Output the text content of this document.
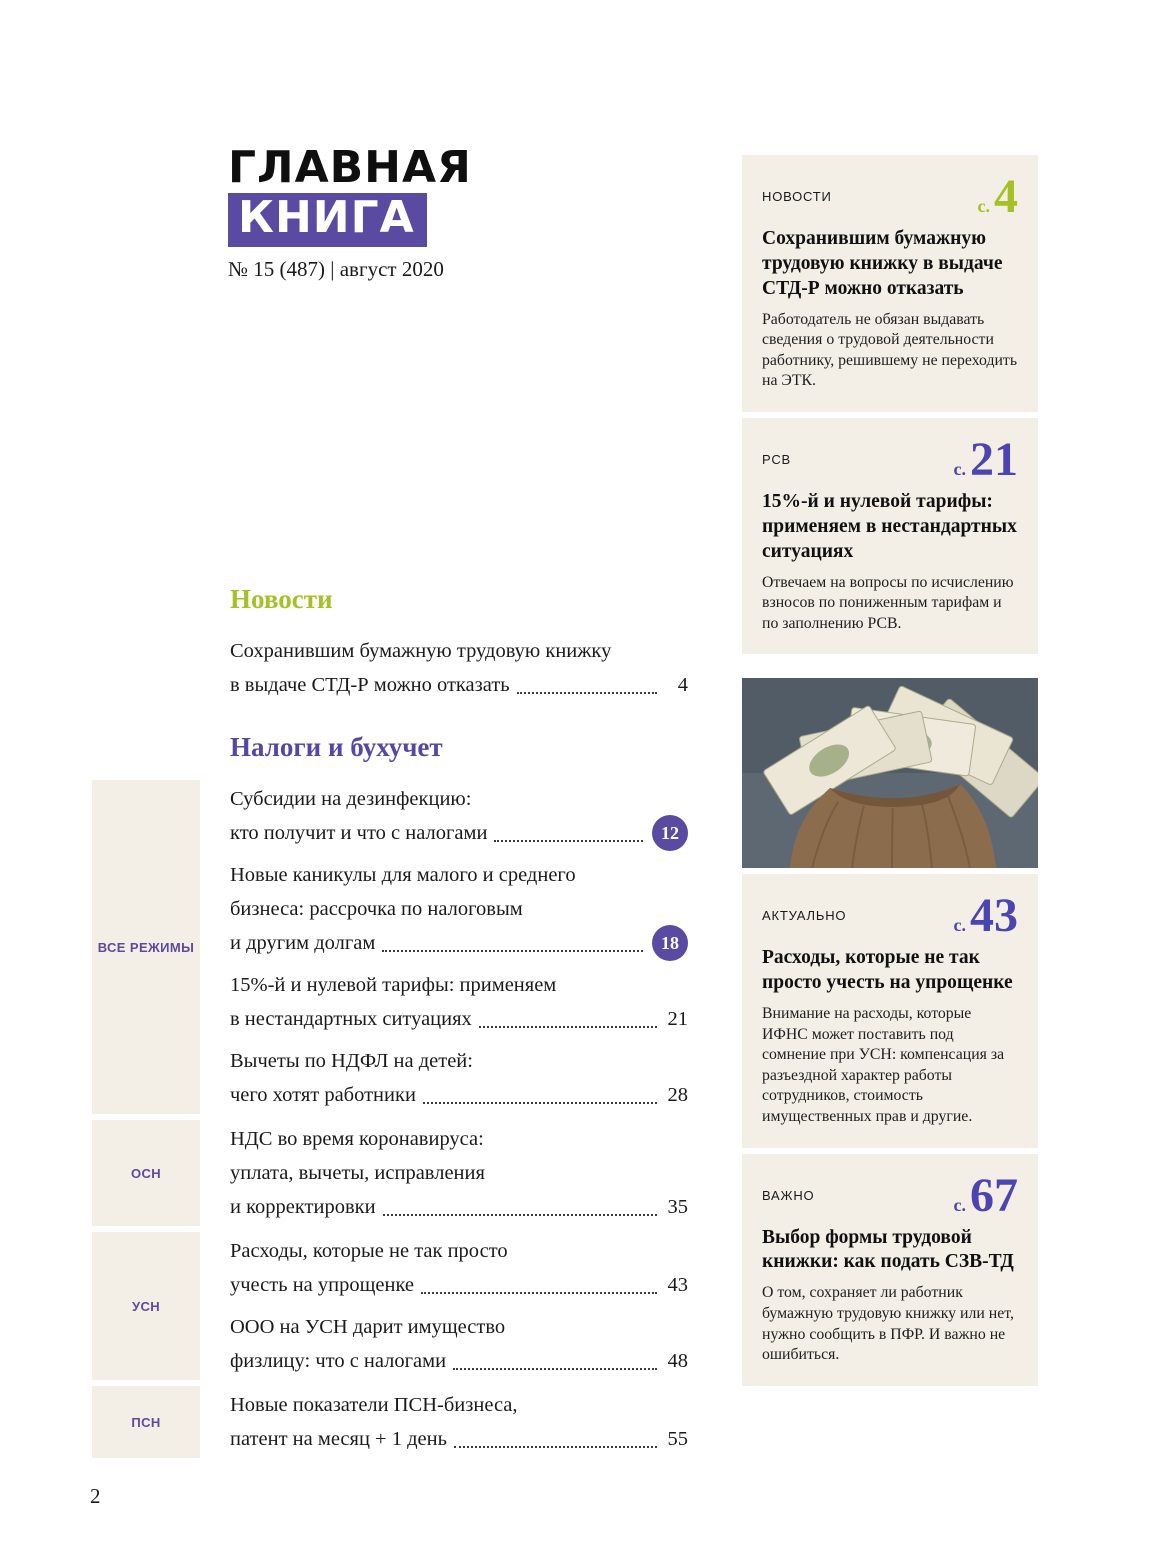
ГЛАВНАЯ
КНИГА
№ 15 (487) | август 2020
Новости
Сохранившим бумажную трудовую книжку
в выдаче СТД-Р можно отказать	4
Налоги и бухучет
ВСЕ РЕЖИМЫ
Субсидии на дезинфекцию:
кто получит и что с налогами	12
Новые каникулы для малого и среднего
бизнеса: рассрочка по налоговым
и другим долгам	18
15%-й и нулевой тарифы: применяем
в нестандартных ситуациях	21
Вычеты по НДФЛ на детей:
чего хотят работники	28
ОСН
НДС во время коронавируса:
уплата, вычеты, исправления
и корректировки	35
УСН
Расходы, которые не так просто
учесть на упрощенке	43
ООО на УСН дарит имущество
физлицу: что с налогами	48
ПСН
Новые показатели ПСН-бизнеса,
патент на месяц + 1 день	55
НОВОСТИ	с. 4
Сохранившим бумажную трудовую книжку в выдаче СТД-Р можно отказать

Работодатель не обязан выдавать сведения о трудовой деятельности работнику, решившему не переходить на ЭТК.

РСВ	с. 21
15%-й и нулевой тарифы: применяем в нестандартных ситуациях

Отвечаем на вопросы по исчислению взносов по пониженным тарифам и по заполнению РСВ.

АКТУАЛЬНО	с. 43
Расходы, которые не так просто учесть на упрощенке

Внимание на расходы, которые ИФНС может поставить под сомнение при УСН: компенсация за разъездной характер работы сотрудников, стоимость имущественных прав и другие.

ВАЖНО	с. 67
Выбор формы трудовой книжки: как подать СЗВ-ТД

О том, сохраняет ли работник бумажную трудовую книжку или нет, нужно сообщить в ПФР. И важно не ошибиться.

2
